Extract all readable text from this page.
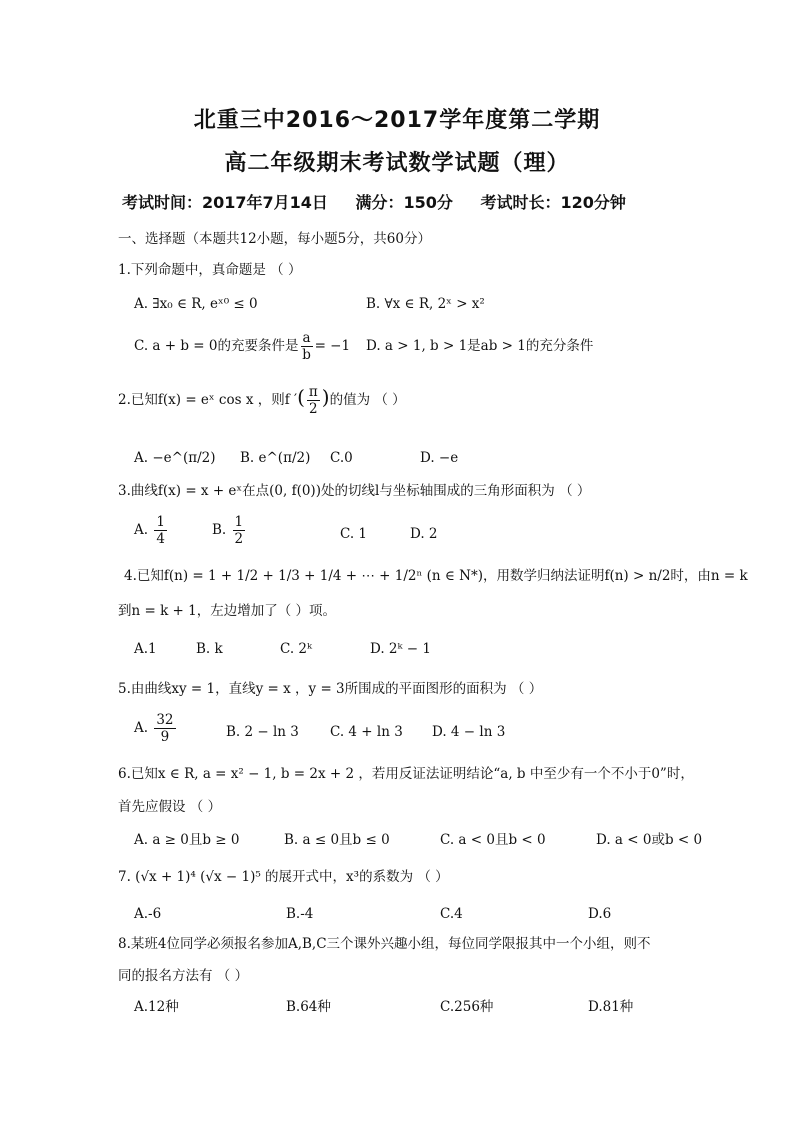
北重三中2016～2017学年度第二学期
高二年级期末考试数学试题（理）
考试时间：2017年7月14日 满分：150分 考试时长：120分钟
一、选择题（本题共12小题，每小题5分，共60分）
1.下列命题中，真命题是 （ ）
A. ∃x₀ ∈ R, eˣ⁰ ≤ 0	B. ∀x ∈ R, 2ˣ > x²
C. a + b = 0的充要条件是 $\frac{a}{b} = -1$ D. a > 1, b > 1是ab > 1的充分条件
2.已知f(x) = eˣ cos x ，则f ′( $\frac{\pi}{2}$ )的值为 （ ）
A. −e^(π/2) B. e^(π/2) C.0	D. −e
3.曲线f(x) = x + eˣ在点(0, f(0))处的切线l与坐标轴围成的三角形面积为 （ ）
A. $\frac{1}{4}$	B. $\frac{1}{2}$	C. 1	D. 2
4.已知f(n) = 1 + 1/2 + 1/3 + 1/4 + ⋯ + 1/2ⁿ (n ∈ N*)，用数学归纳法证明f(n) > n/2时，由n = k
到n = k + 1，左边增加了（ ）项。
A.1	B. k	C. 2ᵏ	D. 2ᵏ − 1
5.由曲线xy = 1，直线y = x ，y = 3所围成的平面图形的面积为 （ ）
A. $\frac{32}{9}$	B. 2 − ln 3 C. 4 + ln 3 D. 4 − ln 3
6.已知x ∈ R, a = x² − 1, b = 2x + 2 ，若用反证法证明结论“a, b 中至少有一个不小于0”时，
首先应假设 （ ）
A. a ≥ 0且b ≥ 0	B. a ≤ 0且b ≤ 0	C. a < 0且b < 0	D. a < 0或b < 0
7. (√x + 1)⁴ (√x − 1)⁵ 的展开式中，x³的系数为 （ ）
A.-6	B.-4	C.4	D.6
8.某班4位同学必须报名参加A,B,C三个课外兴趣小组，每位同学限报其中一个小组，则不
同的报名方法有 （ ）
A.12种	B.64种	C.256种	D.81种
